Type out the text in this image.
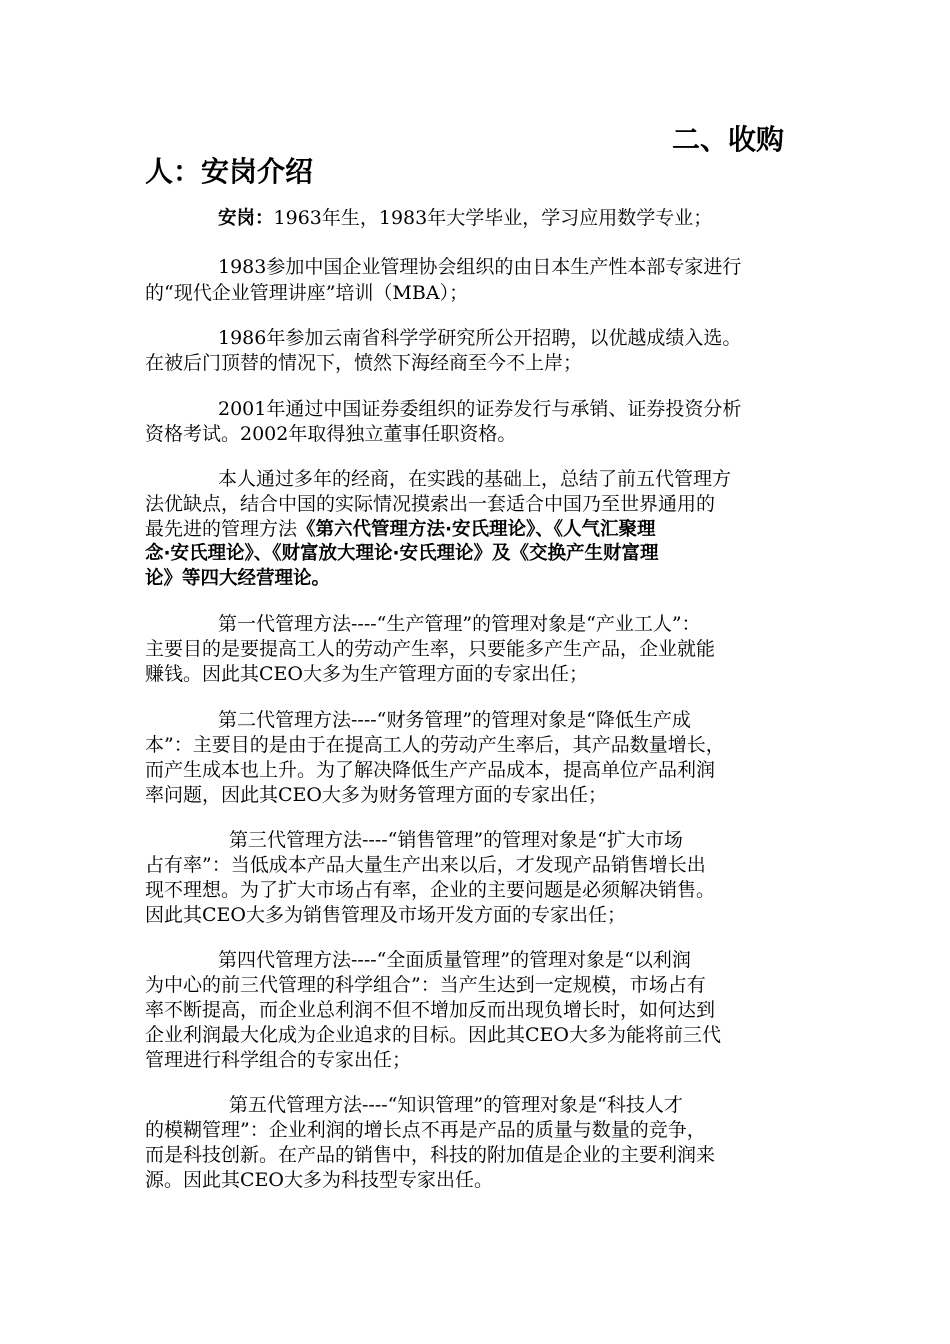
二、收购
人：安岗介绍
安岗：1963年生，1983年大学毕业，学习应用数学专业；
1983参加中国企业管理协会组织的由日本生产性本部专家进行
的“现代企业管理讲座”培训（MBA）；
1986年参加云南省科学学研究所公开招聘，以优越成绩入选。
在被后门顶替的情况下，愤然下海经商至今不上岸；
2001年通过中国证券委组织的证券发行与承销、证券投资分析
资格考试。2002年取得独立董事任职资格。
本人通过多年的经商，在实践的基础上，总结了前五代管理方
法优缺点，结合中国的实际情况摸索出一套适合中国乃至世界通用的
最先进的管理方法《第六代管理方法·安氏理论》、《人气汇聚理
念·安氏理论》、《财富放大理论·安氏理论》及《交换产生财富理
论》等四大经营理论。
第一代管理方法----“生产管理”的管理对象是“产业工人”：
主要目的是要提高工人的劳动产生率，只要能多产生产品，企业就能
赚钱。因此其CEO大多为生产管理方面的专家出任；
第二代管理方法----“财务管理”的管理对象是“降低生产成
本”：主要目的是由于在提高工人的劳动产生率后，其产品数量增长，
而产生成本也上升。为了解决降低生产产品成本，提高单位产品利润
率问题，因此其CEO大多为财务管理方面的专家出任；
第三代管理方法----“销售管理”的管理对象是“扩大市场
占有率”：当低成本产品大量生产出来以后，才发现产品销售增长出
现不理想。为了扩大市场占有率，企业的主要问题是必须解决销售。
因此其CEO大多为销售管理及市场开发方面的专家出任；
第四代管理方法----“全面质量管理”的管理对象是“以利润
为中心的前三代管理的科学组合”：当产生达到一定规模，市场占有
率不断提高，而企业总利润不但不增加反而出现负增长时，如何达到
企业利润最大化成为企业追求的目标。因此其CEO大多为能将前三代
管理进行科学组合的专家出任；
第五代管理方法----“知识管理”的管理对象是“科技人才
的模糊管理”：企业利润的增长点不再是产品的质量与数量的竞争，
而是科技创新。在产品的销售中，科技的附加值是企业的主要利润来
源。因此其CEO大多为科技型专家出任。
